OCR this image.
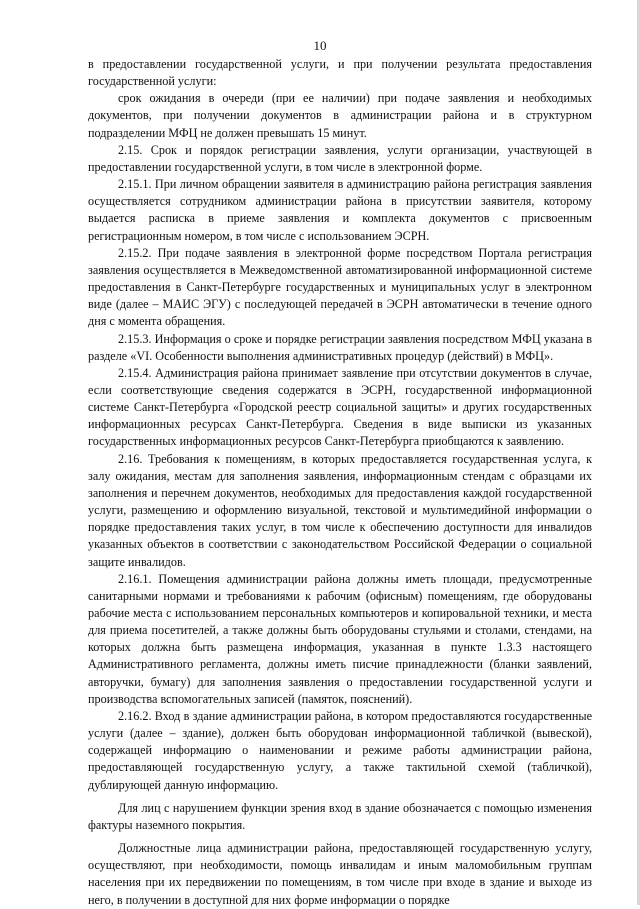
10

в предоставлении государственной услуги, и при получении результата предоставления государственной услуги:

срок ожидания в очереди (при ее наличии) при подаче заявления и необходимых документов, при получении документов в администрации района и в структурном подразделении МФЦ не должен превышать 15 минут.

2.15. Срок и порядок регистрации заявления, услуги организации, участвующей в предоставлении государственной услуги, в том числе в электронной форме.

2.15.1. При личном обращении заявителя в администрацию района регистрация заявления осуществляется сотрудником администрации района в присутствии заявителя, которому выдается расписка в приеме заявления и комплекта документов с присвоенным регистрационным номером, в том числе с использованием ЭСРН.

2.15.2. При подаче заявления в электронной форме посредством Портала регистрация заявления осуществляется в Межведомственной автоматизированной информационной системе предоставления в Санкт-Петербурге государственных и муниципальных услуг в электронном виде (далее – МАИС ЭГУ) с последующей передачей в ЭСРН автоматически в течение одного дня с момента обращения.

2.15.3. Информация о сроке и порядке регистрации заявления посредством МФЦ указана в разделе «VI. Особенности выполнения административных процедур (действий) в МФЦ».

2.15.4. Администрация района принимает заявление при отсутствии документов в случае, если соответствующие сведения содержатся в ЭСРН, государственной информационной системе Санкт-Петербурга «Городской реестр социальной защиты» и других государственных информационных ресурсах Санкт-Петербурга. Сведения в виде выписки из указанных государственных информационных ресурсов Санкт-Петербурга приобщаются к заявлению.

2.16. Требования к помещениям, в которых предоставляется государственная услуга, к залу ожидания, местам для заполнения заявления, информационным стендам с образцами их заполнения и перечнем документов, необходимых для предоставления каждой государственной услуги, размещению и оформлению визуальной, текстовой и мультимедийной информации о порядке предоставления таких услуг, в том числе к обеспечению доступности для инвалидов указанных объектов в соответствии с законодательством Российской Федерации о социальной защите инвалидов.

2.16.1. Помещения администрации района должны иметь площади, предусмотренные санитарными нормами и требованиями к рабочим (офисным) помещениям, где оборудованы рабочие места с использованием персональных компьютеров и копировальной техники, и места для приема посетителей, а также должны быть оборудованы стульями и столами, стендами, на которых должна быть размещена информация, указанная в пункте 1.3.3 настоящего Административного регламента, должны иметь писчие принадлежности (бланки заявлений, авторучки, бумагу) для заполнения заявления о предоставлении государственной услуги и производства вспомогательных записей (памяток, пояснений).

2.16.2. Вход в здание администрации района, в котором предоставляются государственные услуги (далее – здание), должен быть оборудован информационной табличкой (вывеской), содержащей информацию о наименовании и режиме работы администрации района, предоставляющей государственную услугу, а также тактильной схемой (табличкой), дублирующей данную информацию.

Для лиц с нарушением функции зрения вход в здание обозначается с помощью изменения фактуры наземного покрытия.

Должностные лица администрации района, предоставляющей государственную услугу, осуществляют, при необходимости, помощь инвалидам и иным маломобильным группам населения при их передвижении по помещениям, в том числе при входе в здание и выходе из него, в получении в доступной для них форме информации о порядке
